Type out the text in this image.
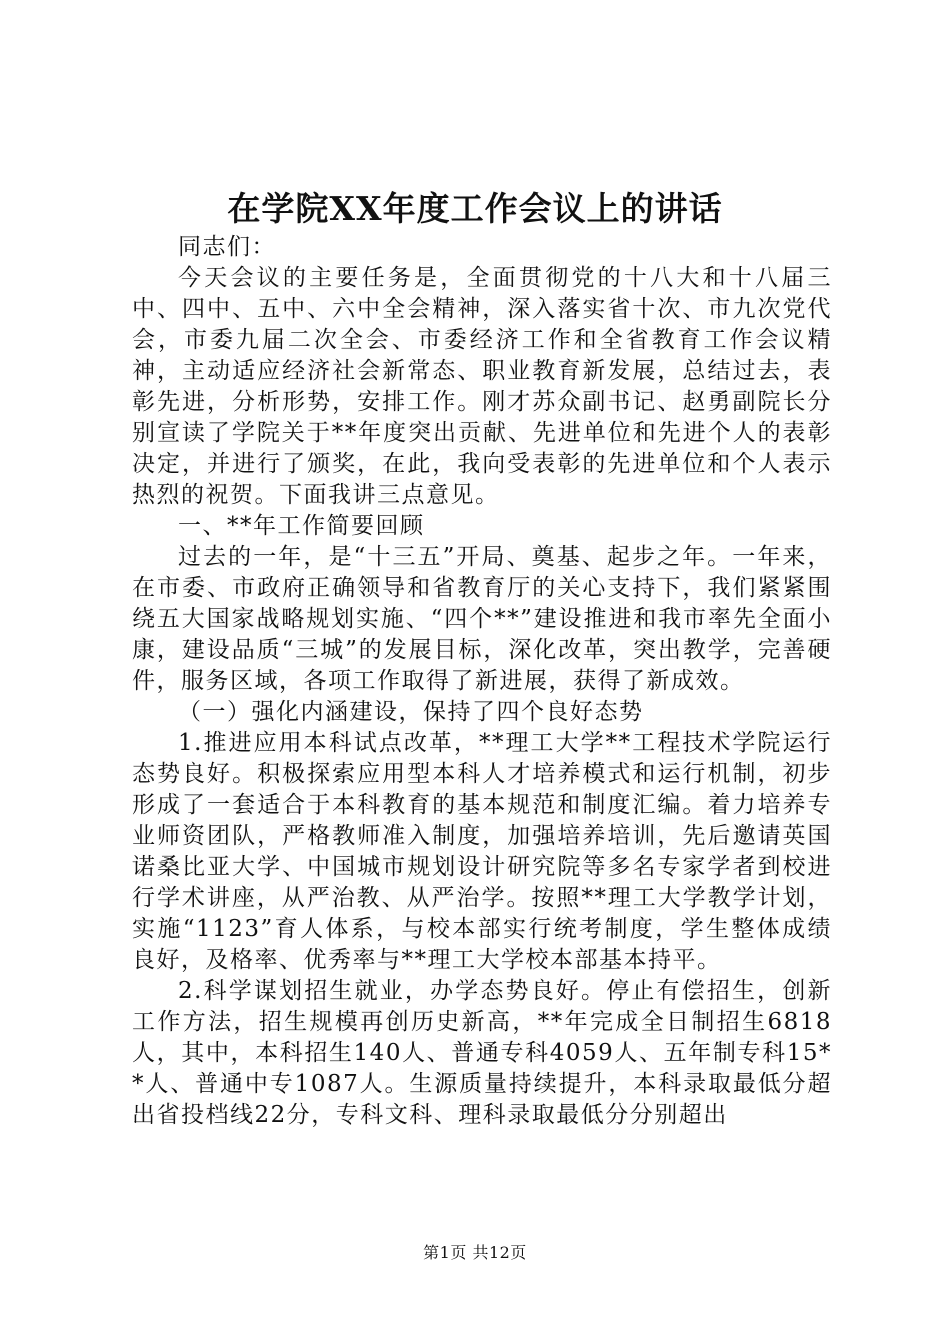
在学院XX年度工作会议上的讲话

同志们：

今天会议的主要任务是，全面贯彻党的十八大和十八届三中、四中、五中、六中全会精神，深入落实省十次、市九次党代会，市委九届二次全会、市委经济工作和全省教育工作会议精神，主动适应经济社会新常态、职业教育新发展，总结过去，表彰先进，分析形势，安排工作。刚才苏众副书记、赵勇副院长分别宣读了学院关于**年度突出贡献、先进单位和先进个人的表彰决定，并进行了颁奖，在此，我向受表彰的先进单位和个人表示热烈的祝贺。下面我讲三点意见。

一、**年工作简要回顾

过去的一年，是“十三五”开局、奠基、起步之年。一年来，在市委、市政府正确领导和省教育厅的关心支持下，我们紧紧围绕五大国家战略规划实施、“四个**”建设推进和我市率先全面小康，建设品质“三城”的发展目标，深化改革，突出教学，完善硬件，服务区域，各项工作取得了新进展，获得了新成效。

（一）强化内涵建设，保持了四个良好态势

1.推进应用本科试点改革，**理工大学**工程技术学院运行态势良好。积极探索应用型本科人才培养模式和运行机制，初步形成了一套适合于本科教育的基本规范和制度汇编。着力培养专业师资团队，严格教师准入制度，加强培养培训，先后邀请英国诺桑比亚大学、中国城市规划设计研究院等多名专家学者到校进行学术讲座，从严治教、从严治学。按照**理工大学教学计划，实施“1123”育人体系，与校本部实行统考制度，学生整体成绩良好，及格率、优秀率与**理工大学校本部基本持平。

2.科学谋划招生就业，办学态势良好。停止有偿招生，创新工作方法，招生规模再创历史新高，**年完成全日制招生6818人，其中，本科招生140人、普通专科4059人、五年制专科15**人、普通中专1087人。生源质量持续提升，本科录取最低分超出省投档线22分，专科文科、理科录取最低分分别超出

第1页 共12页
